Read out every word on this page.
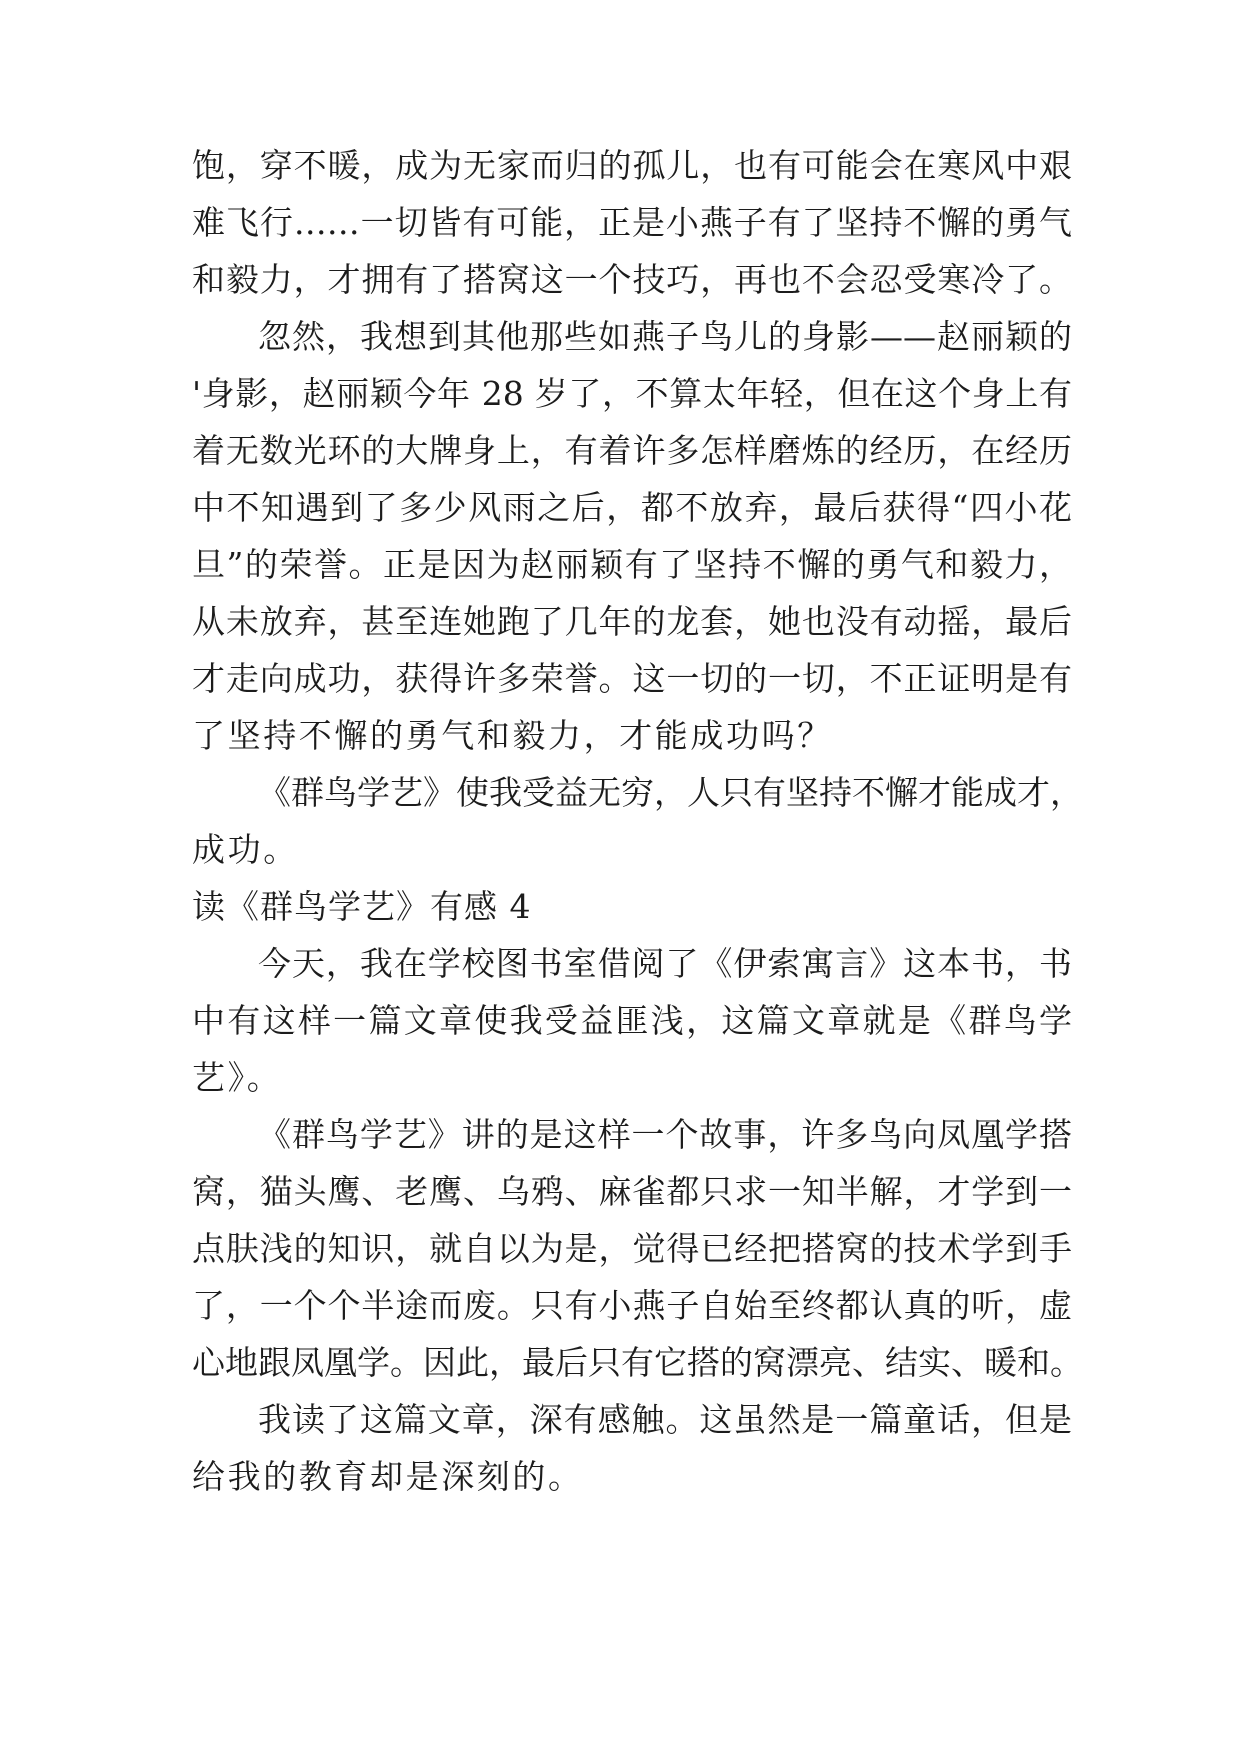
饱，穿不暖，成为无家而归的孤儿，也有可能会在寒风中艰
难飞行……一切皆有可能，正是小燕子有了坚持不懈的勇气
和毅力，才拥有了搭窝这一个技巧，再也不会忍受寒冷了。
忽然，我想到其他那些如燕子鸟儿的身影——赵丽颖的
'身影，赵丽颖今年 28 岁了，不算太年轻，但在这个身上有
着无数光环的大牌身上，有着许多怎样磨炼的经历，在经历
中不知遇到了多少风雨之后，都不放弃，最后获得“四小花
旦”的荣誉。正是因为赵丽颖有了坚持不懈的勇气和毅力，
从未放弃，甚至连她跑了几年的龙套，她也没有动摇，最后
才走向成功，获得许多荣誉。这一切的一切，不正证明是有
了坚持不懈的勇气和毅力，才能成功吗？
《群鸟学艺》使我受益无穷，人只有坚持不懈才能成才，
成功。
读《群鸟学艺》有感 4
今天，我在学校图书室借阅了《伊索寓言》这本书，书
中有这样一篇文章使我受益匪浅，这篇文章就是《群鸟学
艺》。
《群鸟学艺》讲的是这样一个故事，许多鸟向凤凰学搭
窝，猫头鹰、老鹰、乌鸦、麻雀都只求一知半解，才学到一
点肤浅的知识，就自以为是，觉得已经把搭窝的技术学到手
了，一个个半途而废。只有小燕子自始至终都认真的听，虚
心地跟凤凰学。因此，最后只有它搭的窝漂亮、结实、暖和。
我读了这篇文章，深有感触。这虽然是一篇童话，但是
给我的教育却是深刻的。
